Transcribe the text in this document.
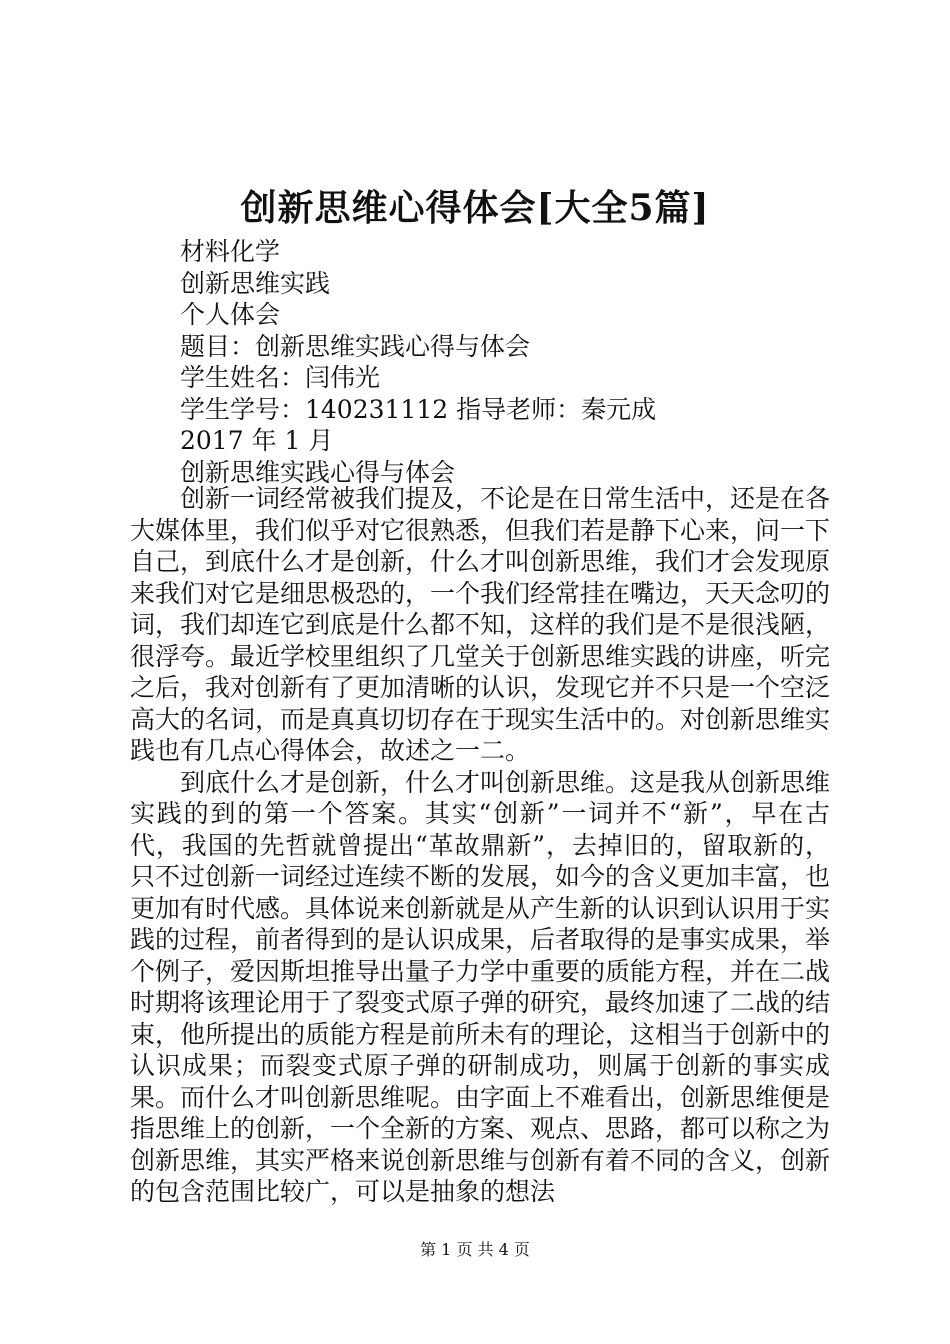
创新思维心得体会[大全5篇]
材料化学
创新思维实践
个人体会
题目：创新思维实践心得与体会
学生姓名：闫伟光
学生学号：140231112 指导老师：秦元成
2017 年 1 月
创新思维实践心得与体会

创新一词经常被我们提及，不论是在日常生活中，还是在各大媒体里，我们似乎对它很熟悉，但我们若是静下心来，问一下自己，到底什么才是创新，什么才叫创新思维，我们才会发现原来我们对它是细思极恐的，一个我们经常挂在嘴边，天天念叨的词，我们却连它到底是什么都不知，这样的我们是不是很浅陋，很浮夸。最近学校里组织了几堂关于创新思维实践的讲座，听完之后，我对创新有了更加清晰的认识，发现它并不只是一个空泛高大的名词，而是真真切切存在于现实生活中的。对创新思维实践也有几点心得体会，故述之一二。

到底什么才是创新，什么才叫创新思维。这是我从创新思维实践的到的第一个答案。其实“创新”一词并不“新”，早在古代，我国的先哲就曾提出“革故鼎新”，去掉旧的，留取新的，只不过创新一词经过连续不断的发展，如今的含义更加丰富，也更加有时代感。具体说来创新就是从产生新的认识到认识用于实践的过程，前者得到的是认识成果，后者取得的是事实成果，举个例子，爱因斯坦推导出量子力学中重要的质能方程，并在二战时期将该理论用于了裂变式原子弹的研究，最终加速了二战的结束，他所提出的质能方程是前所未有的理论，这相当于创新中的认识成果；而裂变式原子弹的研制成功，则属于创新的事实成果。而什么才叫创新思维呢。由字面上不难看出，创新思维便是指思维上的创新，一个全新的方案、观点、思路，都可以称之为创新思维，其实严格来说创新思维与创新有着不同的含义，创新的包含范围比较广，可以是抽象的想法

第 1 页 共 4 页
